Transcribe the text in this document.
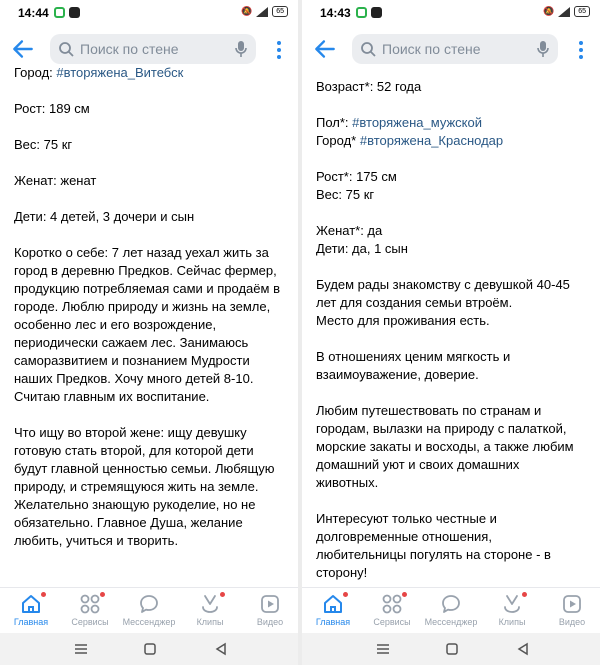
14:44	🔕	65
Поиск по стене

Город: #вторяжена_Витебск

Рост: 189 см

Вес: 75 кг

Женат: женат

Дети: 4 детей, 3 дочери и сын

Коротко о себе: 7 лет назад уехал жить за город в деревню Предков. Сейчас фермер, продукцию потребляемая сами и продаём в городе. Люблю природу и жизнь на земле, особенно лес и его возрождение, периодически сажаем лес. Занимаюсь саморазвитием и познанием Мудрости наших Предков. Хочу много детей 8-10. Считаю главным их воспитание.

Что ищу во второй жене: ищу девушку готовую стать второй, для которой дети будут главной ценностью семьи. Любящую природу, и стремящуюся жить на земле. Желательно знающую рукоделие, но не обязательно. Главное Душа, желание любить, учиться и творить.

Главная	Сервисы	Мессенджер	Клипы	Видео
14:43	🔕	65
Поиск по стене

Возраст*: 52 года

Пол*: #вторяжена_мужской
Город* #вторяжена_Краснодар

Рост*: 175 см
Вес: 75 кг

Женат*: да
Дети: да, 1 сын

Будем рады знакомству с девушкой 40-45 лет для создания семьи втроём.
Место для проживания есть.

В отношениях ценим мягкость и взаимоуважение, доверие.

Любим путешествовать по странам и городам, вылазки на природу с палаткой, морские закаты и восходы, а также любим домашний уют и своих домашних животных.

Интересуют только честные и долговременные отношения, любительницы погулять на стороне - в сторону!

Главная	Сервисы	Мессенджер	Клипы	Видео
